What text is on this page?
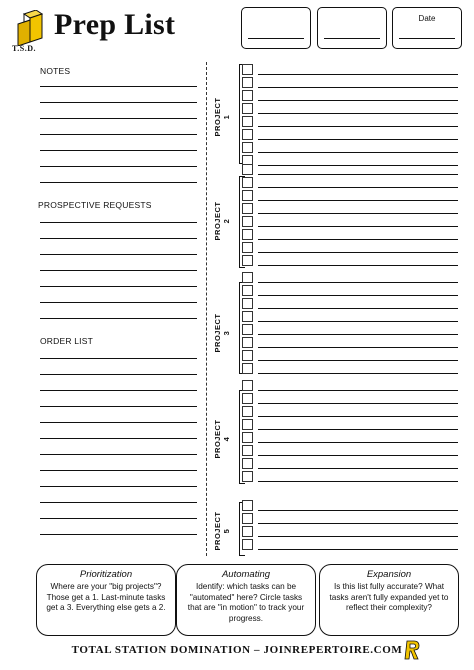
T.S.D.
Prep List	Date
NOTES
PROSPECTIVE REQUESTS
ORDER LIST
PROJECT 1
PROJECT 2
PROJECT 3
PROJECT 4
PROJECT 5
Prioritization
Where are your "big projects"? Those get a 1. Last-minute tasks get a 3. Everything else gets a 2.
Automating
Identify: which tasks can be "automated" here? Circle tasks that are "in motion" to track your progress.
Expansion
Is this list fully accurate? What tasks aren't fully expanded yet to reflect their complexity?
TOTAL STATION DOMINATION – JOINREPERTOIRE.COM
